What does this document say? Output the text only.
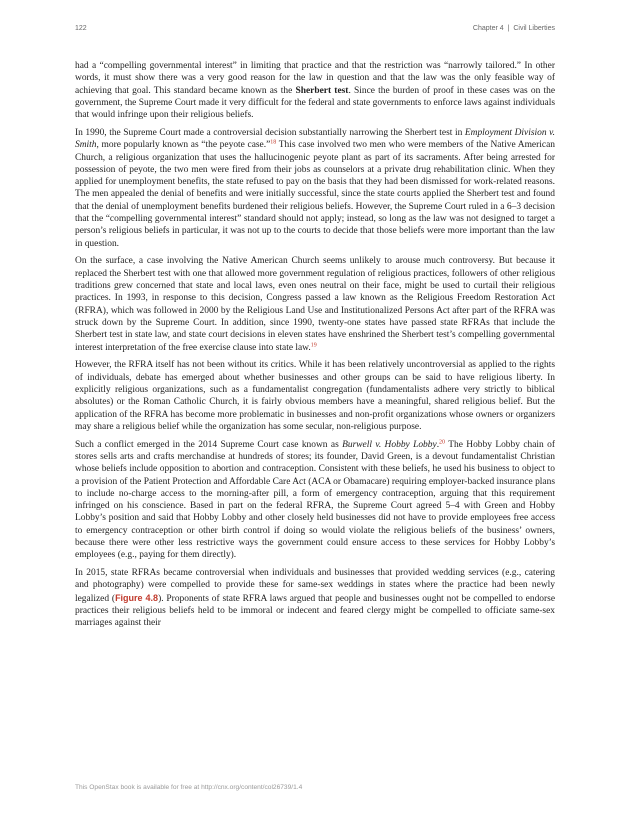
122	Chapter 4 | Civil Liberties

had a “compelling governmental interest” in limiting that practice and that the restriction was “narrowly tailored.” In other words, it must show there was a very good reason for the law in question and that the law was the only feasible way of achieving that goal. This standard became known as the Sherbert test. Since the burden of proof in these cases was on the government, the Supreme Court made it very difficult for the federal and state governments to enforce laws against individuals that would infringe upon their religious beliefs.

In 1990, the Supreme Court made a controversial decision substantially narrowing the Sherbert test in Employment Division v. Smith, more popularly known as “the peyote case.”$^{18}$ This case involved two men who were members of the Native American Church, a religious organization that uses the hallucinogenic peyote plant as part of its sacraments. After being arrested for possession of peyote, the two men were fired from their jobs as counselors at a private drug rehabilitation clinic. When they applied for unemployment benefits, the state refused to pay on the basis that they had been dismissed for work-related reasons. The men appealed the denial of benefits and were initially successful, since the state courts applied the Sherbert test and found that the denial of unemployment benefits burdened their religious beliefs. However, the Supreme Court ruled in a 6–3 decision that the “compelling governmental interest” standard should not apply; instead, so long as the law was not designed to target a person’s religious beliefs in particular, it was not up to the courts to decide that those beliefs were more important than the law in question.

On the surface, a case involving the Native American Church seems unlikely to arouse much controversy. But because it replaced the Sherbert test with one that allowed more government regulation of religious practices, followers of other religious traditions grew concerned that state and local laws, even ones neutral on their face, might be used to curtail their religious practices. In 1993, in response to this decision, Congress passed a law known as the Religious Freedom Restoration Act (RFRA), which was followed in 2000 by the Religious Land Use and Institutionalized Persons Act after part of the RFRA was struck down by the Supreme Court. In addition, since 1990, twenty-one states have passed state RFRAs that include the Sherbert test in state law, and state court decisions in eleven states have enshrined the Sherbert test’s compelling governmental interest interpretation of the free exercise clause into state law.$^{19}$

However, the RFRA itself has not been without its critics. While it has been relatively uncontroversial as applied to the rights of individuals, debate has emerged about whether businesses and other groups can be said to have religious liberty. In explicitly religious organizations, such as a fundamentalist congregation (fundamentalists adhere very strictly to biblical absolutes) or the Roman Catholic Church, it is fairly obvious members have a meaningful, shared religious belief. But the application of the RFRA has become more problematic in businesses and non-profit organizations whose owners or organizers may share a religious belief while the organization has some secular, non-religious purpose.

Such a conflict emerged in the 2014 Supreme Court case known as Burwell v. Hobby Lobby.$^{20}$ The Hobby Lobby chain of stores sells arts and crafts merchandise at hundreds of stores; its founder, David Green, is a devout fundamentalist Christian whose beliefs include opposition to abortion and contraception. Consistent with these beliefs, he used his business to object to a provision of the Patient Protection and Affordable Care Act (ACA or Obamacare) requiring employer-backed insurance plans to include no-charge access to the morning-after pill, a form of emergency contraception, arguing that this requirement infringed on his conscience. Based in part on the federal RFRA, the Supreme Court agreed 5–4 with Green and Hobby Lobby’s position and said that Hobby Lobby and other closely held businesses did not have to provide employees free access to emergency contraception or other birth control if doing so would violate the religious beliefs of the business’ owners, because there were other less restrictive ways the government could ensure access to these services for Hobby Lobby’s employees (e.g., paying for them directly).

In 2015, state RFRAs became controversial when individuals and businesses that provided wedding services (e.g., catering and photography) were compelled to provide these for same-sex weddings in states where the practice had been newly legalized (Figure 4.8). Proponents of state RFRA laws argued that people and businesses ought not be compelled to endorse practices their religious beliefs held to be immoral or indecent and feared clergy might be compelled to officiate same-sex marriages against their

This OpenStax book is available for free at http://cnx.org/content/col26739/1.4
